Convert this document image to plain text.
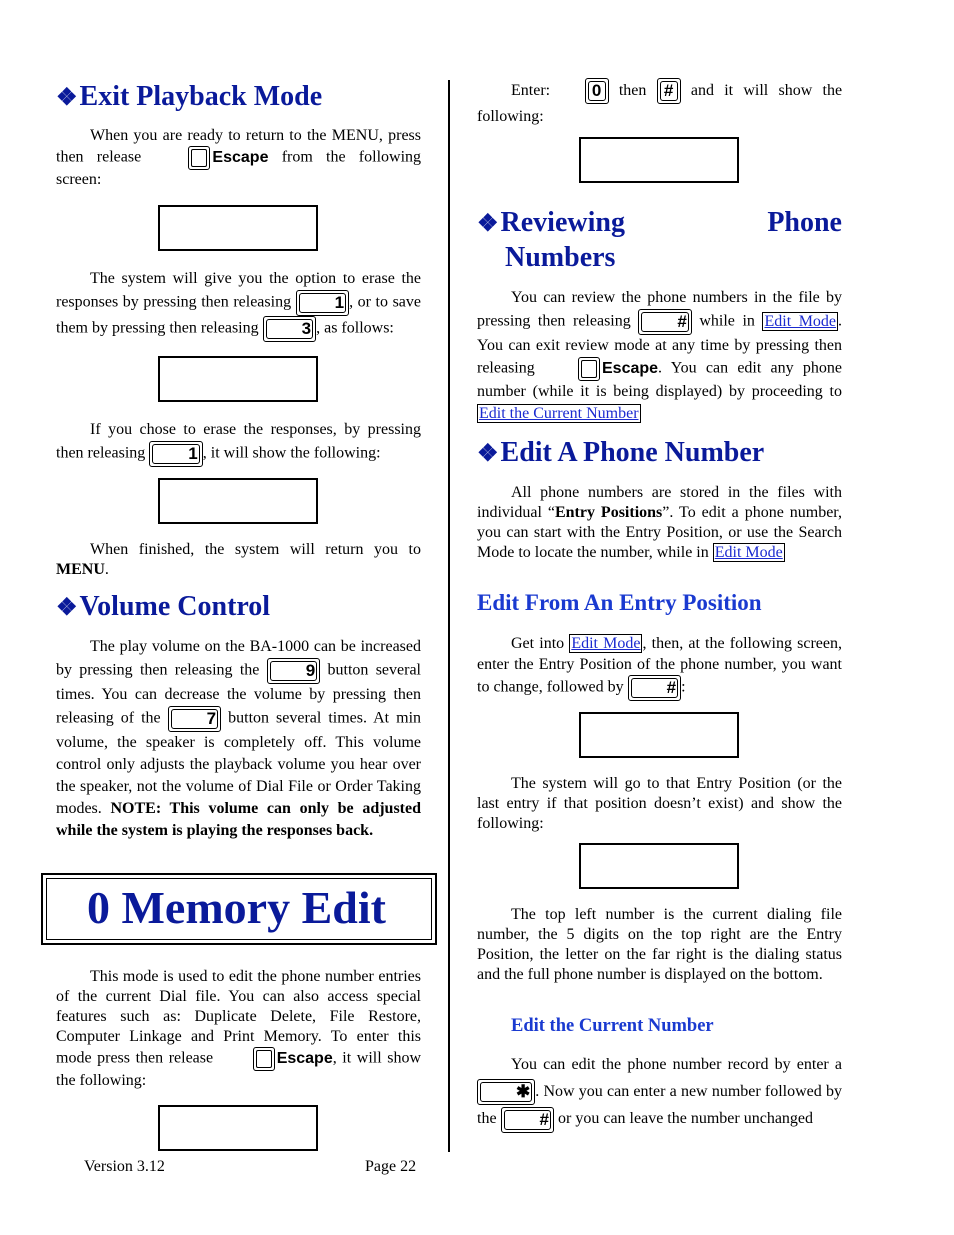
❖Exit Playback Mode

When you are ready to return to the MENU, press then release	Escape from the following screen:

The system will give you the option to erase the responses by pressing then releasing	1 , or to save them by pressing then releasing	3 , as follows:

If you chose to erase the responses, by pressing then releasing	1 , it will show the following:

When finished, the system will return you to MENU.

❖Volume Control

The play volume on the BA-1000 can be increased by pressing then releasing the	9 button several times. You can decrease the volume by pressing then releasing of the	7 button several times. At min volume, the speaker is completely off. This volume control only adjusts the playback volume you hear over the speaker, not the volume of Dial File or Order Taking modes. NOTE: This volume can only be adjusted while the system is playing the responses back.

0 Memory Edit

This mode is used to edit the phone number entries of the current Dial file. You can also access special features such as: Duplicate Delete, File Restore, Computer Linkage and Print Memory. To enter this mode press then release	Escape, it will show the following:

Enter: 0 then # and it will show the following:

❖Reviewing	Phone
Numbers

You can review the phone numbers in the file by pressing then releasing	# while in Edit Mode . You can exit review mode at any time by pressing then releasing	Escape. You can edit any phone number (while it is being displayed) by proceeding to Edit the Current Number

❖Edit A Phone Number

All phone numbers are stored in the files with individual “Entry Positions”. To edit a phone number, you can start with the Entry Position, or use the Search Mode to locate the number, while in Edit Mode

Edit From An Entry Position

Get into Edit Mode , then, at the following screen, enter the Entry Position of the phone number, you want to change, followed by	# :

The system will go to that Entry Position (or the last entry if that position doesn’t exist) and show the following:

The top left number is the current dialing file number, the 5 digits on the top right are the Entry Position, the letter on the far right is the dialing status and the full phone number is displayed on the bottom.

Edit the Current Number

You can edit the phone number record by enter a
✱ . Now you can enter a new number followed by the	# or you can leave the number unchanged

Version 3.12	Page 22
